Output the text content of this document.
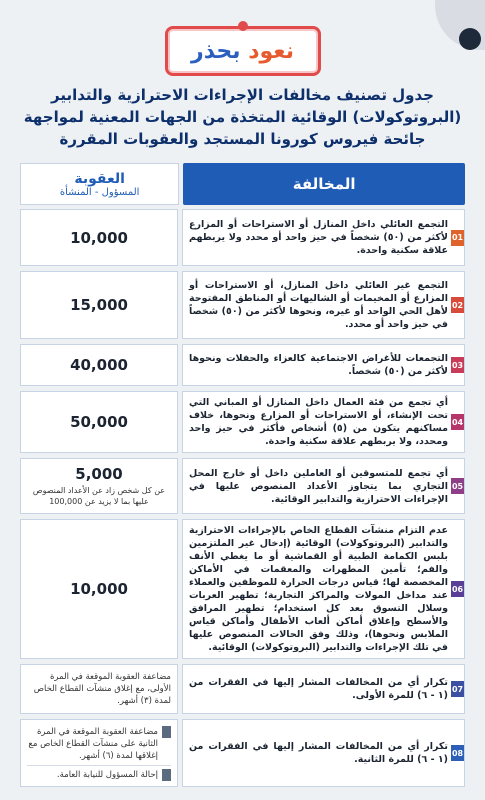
نعود بحذر
جدول تصنيف مخالفات الإجراءات الاحترازية والتدابير (البروتوكولات) الوقائية المتخذة من الجهات المعنية لمواجهة جائحة فيروس كورونا المستجد والعقوبات المقررة
المخالفة
العقوبة
المسؤول - المنشأة
01
التجمع العائلي داخل المنازل أو الاستراحات أو المزارع لأكثر من (٥٠) شخصاً في حيز واحد أو محدد ولا يربطهم علاقة سكنية واحدة.
10,000
02
التجمع غير العائلي داخل المنازل، أو الاستراحات أو المزارع أو المخيمات أو الشاليهات أو المناطق المفتوحة لأهل الحي الواحد أو غيره، ونحوها لأكثر من (٥٠) شخصاً في حيز واحد أو محدد.
15,000
03
التجمعات للأغراض الاجتماعية كالعزاء والحفلات ونحوها لأكثر من (٥٠) شخصاً.
40,000
04
أي تجمع من فئة العمال داخل المنازل أو المباني التي تحت الإنشاء، أو الاستراحات أو المزارع ونحوها، خلاف مساكنهم يتكون من (٥) أشخاص فأكثر في حيز واحد ومحدد، ولا يربطهم علاقة سكنية واحدة.
50,000
05
أي تجمع للمتسوقين أو العاملين داخل أو خارج المحل التجاري بما يتجاوز الأعداد المنصوص عليها في الإجراءات الاحترازية والتدابير الوقائية.
5,000
عن كل شخص زاد عن الأعداد المنصوص عليها بما لا يزيد عن 100,000
06
عدم التزام منشآت القطاع الخاص بالإجراءات الاحترازية والتدابير (البروتوكولات) الوقائية (إدخال غير الملتزمين بلبس الكمامة الطبية أو القماشية أو ما يغطي الأنف والفم؛ تأمين المطهرات والمعقمات في الأماكن المخصصة لها؛ قياس درجات الحرارة للموظفين والعملاء عند مداخل المولات والمراكز التجارية؛ تطهير العربات وسلال التسوق بعد كل استخدام؛ تطهير المرافق والأسطح وإغلاق أماكن ألعاب الأطفال وأماكن قياس الملابس ونحوها)، وذلك وفق الحالات المنصوص عليها في تلك الإجراءات والتدابير (البروتوكولات) الوقائية.
10,000
07
تكرار أي من المخالفات المشار إليها في الفقرات من (١ - ٦) للمرة الأولى.
مضاعفة العقوبة الموقعة في المرة الأولى، مع إغلاق منشآت القطاع الخاص لمدة (٣) أشهر.
08
تكرار أي من المخالفات المشار إليها في الفقرات من (١ - ٦) للمرة الثانية.
مضاعفة العقوبة الموقعة في المرة الثانية على منشآت القطاع الخاص مع إغلاقها لمدة (٦) أشهر.
إحالة المسؤول للنيابة العامة.
